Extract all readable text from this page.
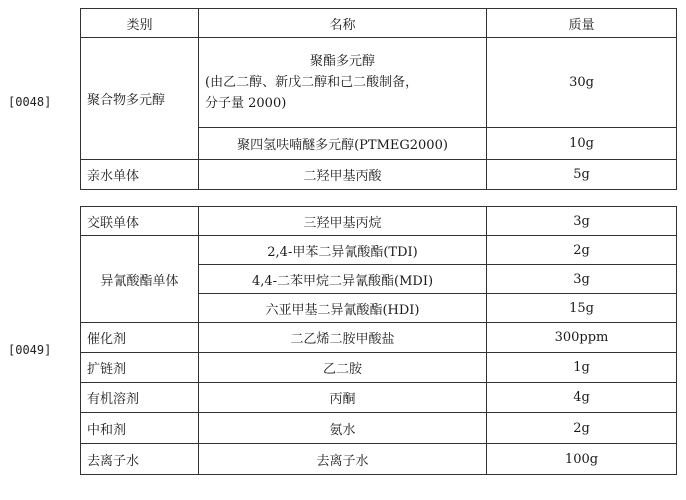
[0048]
[0049]
类别	名称	质量
聚合物多元醇	聚酯多元醇
(由乙二醇、新戊二醇和己二酸制备，
分子量 2000)	30g
	聚四氢呋喃醚多元醇(PTMEG2000)	10g
亲水单体	二羟甲基丙酸	5g
交联单体	三羟甲基丙烷	3g
异氰酸酯单体	2,4-甲苯二异氰酸酯(TDI)	2g
	4,4-二苯甲烷二异氰酸酯(MDI)	3g
	六亚甲基二异氰酸酯(HDI)	15g
催化剂	二乙烯二胺甲酸盐	300ppm
扩链剂	乙二胺	1g
有机溶剂	丙酮	4g
中和剂	氨水	2g
去离子水	去离子水	100g
